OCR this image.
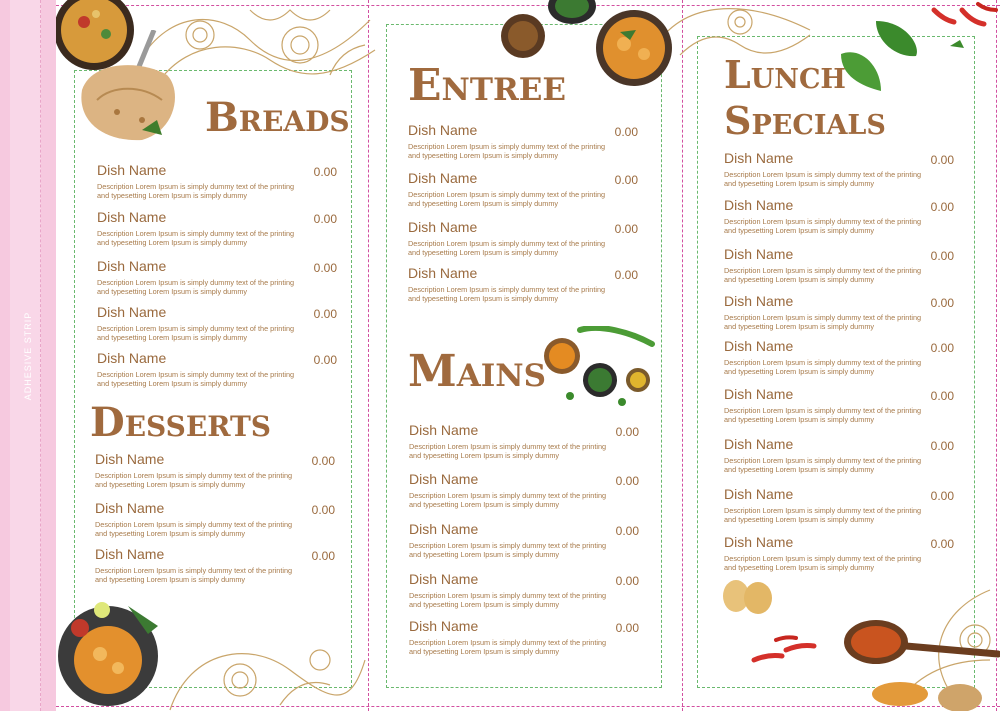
ADHESIVE STRIP
Breads
Desserts
Entree
Mains
Lunch
Specials
Dish Name	0.00
Description Lorem Ipsum is simply dummy text of the printing and typesetting Lorem Ipsum is simply dummy
Dish Name	0.00
Description Lorem Ipsum is simply dummy text of the printing and typesetting Lorem Ipsum is simply dummy
Dish Name	0.00
Description Lorem Ipsum is simply dummy text of the printing and typesetting Lorem Ipsum is simply dummy
Dish Name	0.00
Description Lorem Ipsum is simply dummy text of the printing and typesetting Lorem Ipsum is simply dummy
Dish Name	0.00
Description Lorem Ipsum is simply dummy text of the printing and typesetting Lorem Ipsum is simply dummy
Dish Name	0.00
Description Lorem Ipsum is simply dummy text of the printing and typesetting Lorem Ipsum is simply dummy
Dish Name	0.00
Description Lorem Ipsum is simply dummy text of the printing and typesetting Lorem Ipsum is simply dummy
Dish Name	0.00
Description Lorem Ipsum is simply dummy text of the printing and typesetting Lorem Ipsum is simply dummy
Dish Name	0.00
Description Lorem Ipsum is simply dummy text of the printing and typesetting Lorem Ipsum is simply dummy
Dish Name	0.00
Description Lorem Ipsum is simply dummy text of the printing and typesetting Lorem Ipsum is simply dummy
Dish Name	0.00
Description Lorem Ipsum is simply dummy text of the printing and typesetting Lorem Ipsum is simply dummy
Dish Name	0.00
Description Lorem Ipsum is simply dummy text of the printing and typesetting Lorem Ipsum is simply dummy
Dish Name	0.00
Description Lorem Ipsum is simply dummy text of the printing and typesetting Lorem Ipsum is simply dummy
Dish Name	0.00
Description Lorem Ipsum is simply dummy text of the printing and typesetting Lorem Ipsum is simply dummy
Dish Name	0.00
Description Lorem Ipsum is simply dummy text of the printing and typesetting Lorem Ipsum is simply dummy
Dish Name	0.00
Description Lorem Ipsum is simply dummy text of the printing and typesetting Lorem Ipsum is simply dummy
Dish Name	0.00
Description Lorem Ipsum is simply dummy text of the printing and typesetting Lorem Ipsum is simply dummy
Dish Name	0.00
Description Lorem Ipsum is simply dummy text of the printing and typesetting Lorem Ipsum is simply dummy
Dish Name	0.00
Description Lorem Ipsum is simply dummy text of the printing and typesetting Lorem Ipsum is simply dummy
Dish Name	0.00
Description Lorem Ipsum is simply dummy text of the printing and typesetting Lorem Ipsum is simply dummy
Dish Name	0.00
Description Lorem Ipsum is simply dummy text of the printing and typesetting Lorem Ipsum is simply dummy
Dish Name	0.00
Description Lorem Ipsum is simply dummy text of the printing and typesetting Lorem Ipsum is simply dummy
Dish Name	0.00
Description Lorem Ipsum is simply dummy text of the printing and typesetting Lorem Ipsum is simply dummy
Dish Name	0.00
Description Lorem Ipsum is simply dummy text of the printing and typesetting Lorem Ipsum is simply dummy
Dish Name	0.00
Description Lorem Ipsum is simply dummy text of the printing and typesetting Lorem Ipsum is simply dummy
Dish Name	0.00
Description Lorem Ipsum is simply dummy text of the printing and typesetting Lorem Ipsum is simply dummy
